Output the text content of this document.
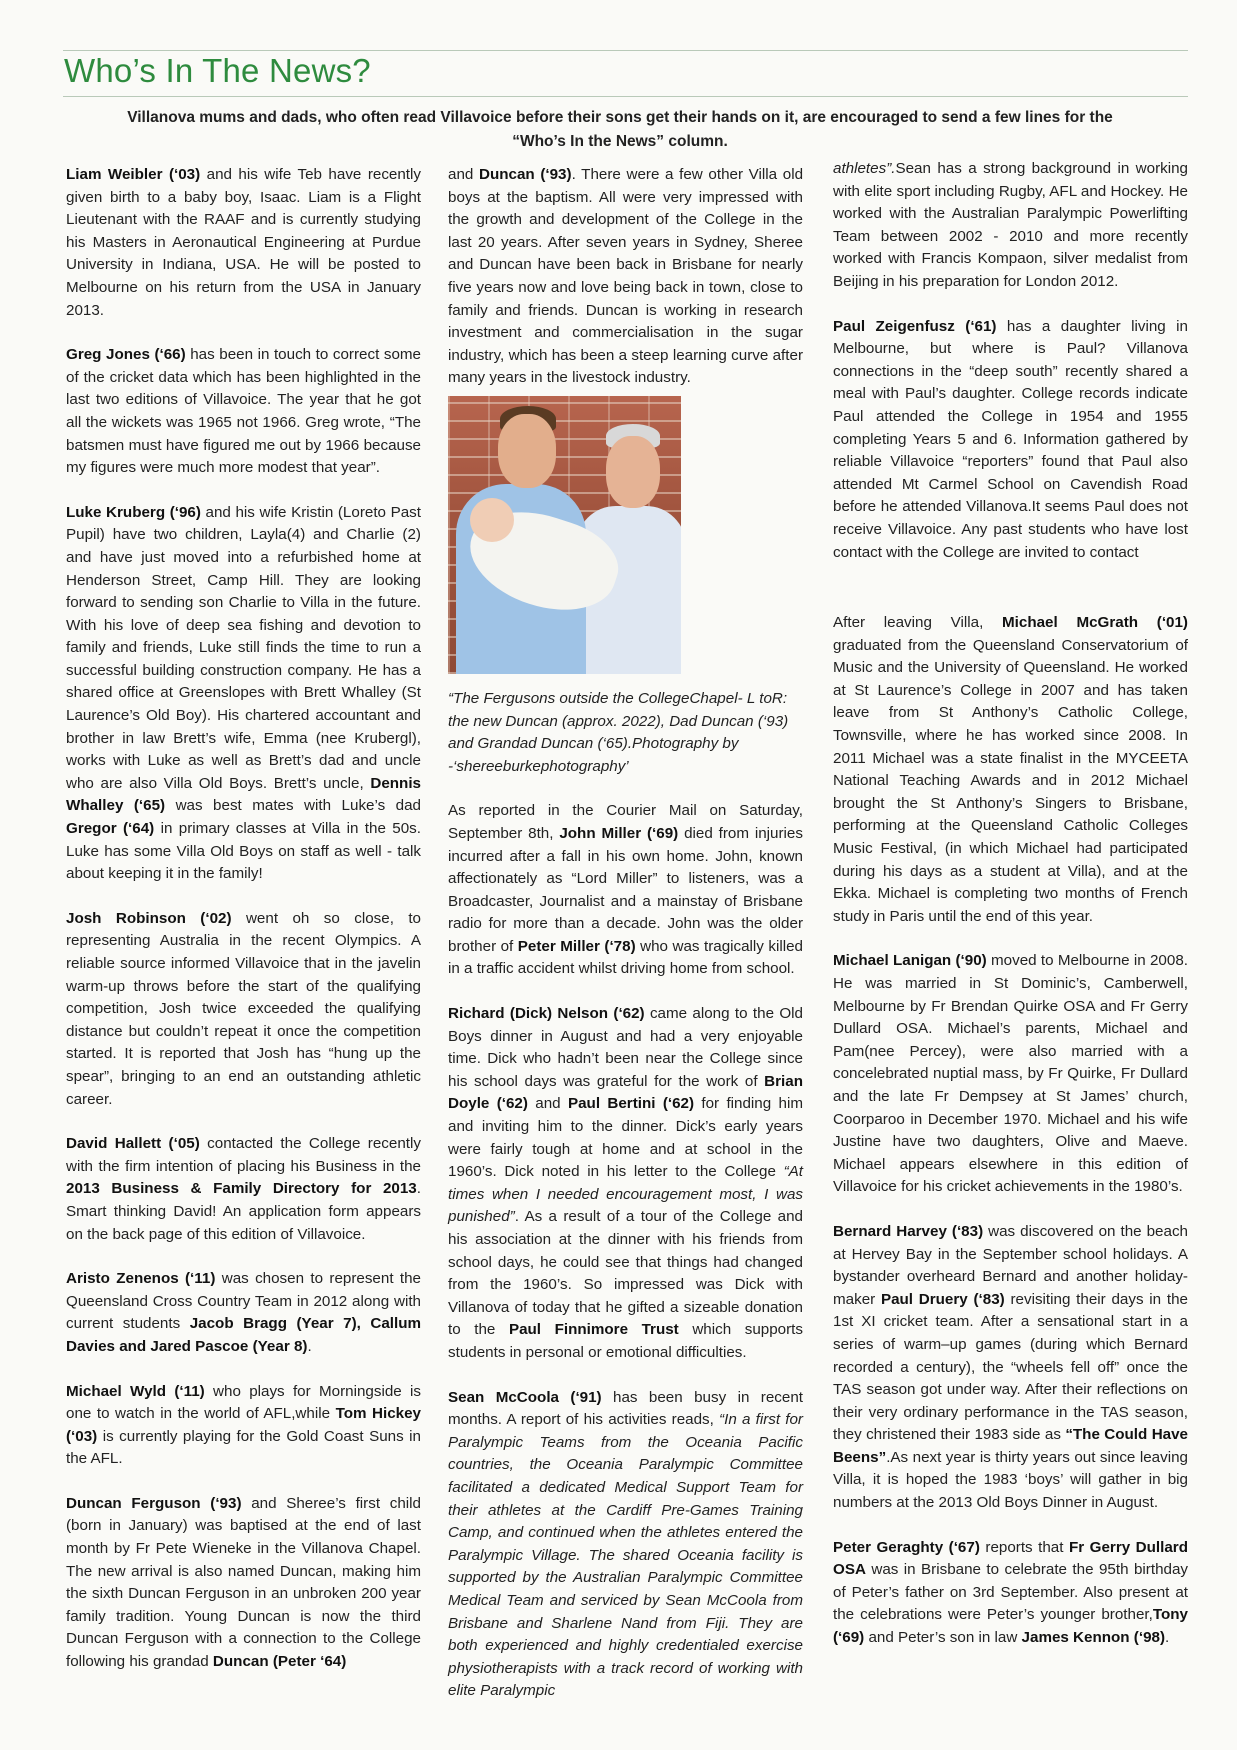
Who’s In The News?
Villanova mums and dads, who often read Villavoice before their sons get their hands on it, are encouraged to send a few lines for the “Who’s In the News” column.

Liam Weibler (‘03) and his wife Teb have recently given birth to a baby boy, Isaac. Liam is a Flight Lieutenant with the RAAF and is currently studying his Masters in Aeronautical Engineering at Purdue University in Indiana, USA. He will be posted to Melbourne on his return from the USA in January 2013.

Greg Jones (‘66) has been in touch to correct some of the cricket data which has been highlighted in the last two editions of Villavoice. The year that he got all the wickets was 1965 not 1966. Greg wrote, “The batsmen must have figured me out by 1966 because my figures were much more modest that year”.

Luke Kruberg (‘96) and his wife Kristin (Loreto Past Pupil) have two children, Layla(4) and Charlie (2) and have just moved into a refurbished home at Henderson Street, Camp Hill. They are looking forward to sending son Charlie to Villa in the future. With his love of deep sea fishing and devotion to family and friends, Luke still finds the time to run a successful building construction company. He has a shared office at Greenslopes with Brett Whalley (St Laurence’s Old Boy). His chartered accountant and brother in law Brett’s wife, Emma (nee Krubergl), works with Luke as well as Brett’s dad and uncle who are also Villa Old Boys. Brett’s uncle, Dennis Whalley (‘65) was best mates with Luke’s dad Gregor (‘64) in primary classes at Villa in the 50s. Luke has some Villa Old Boys on staff as well - talk about keeping it in the family!

Josh Robinson (‘02) went oh so close, to representing Australia in the recent Olympics. A reliable source informed Villavoice that in the javelin warm-up throws before the start of the qualifying competition, Josh twice exceeded the qualifying distance but couldn’t repeat it once the competition started. It is reported that Josh has “hung up the spear”, bringing to an end an outstanding athletic career.

David Hallett (‘05) contacted the College recently with the firm intention of placing his Business in the 2013 Business & Family Directory for 2013. Smart thinking David! An application form appears on the back page of this edition of Villavoice.

Aristo Zenenos (‘11) was chosen to represent the Queensland Cross Country Team in 2012 along with current students Jacob Bragg (Year 7), Callum Davies and Jared Pascoe (Year 8).

Michael Wyld (‘11) who plays for Morningside is one to watch in the world of AFL,while Tom Hickey (‘03) is currently playing for the Gold Coast Suns in the AFL.

Duncan Ferguson (‘93) and Sheree’s first child (born in January) was baptised at the end of last month by Fr Pete Wieneke in the Villanova Chapel. The new arrival is also named Duncan, making him the sixth Duncan Ferguson in an unbroken 200 year family tradition. Young Duncan is now the third Duncan Ferguson with a connection to the College following his grandad Duncan (Peter ‘64)

and Duncan (‘93). There were a few other Villa old boys at the baptism. All were very impressed with the growth and development of the College in the last 20 years. After seven years in Sydney, Sheree and Duncan have been back in Brisbane for nearly five years now and love being back in town, close to family and friends. Duncan is working in research investment and commercialisation in the sugar industry, which has been a steep learning curve after many years in the livestock industry.

“The Fergusons outside the CollegeChapel- L toR: the new Duncan (approx. 2022), Dad Duncan (‘93) and Grandad Duncan (‘65).Photography by -‘shereeburkephotography’

As reported in the Courier Mail on Saturday, September 8th, John Miller (‘69) died from injuries incurred after a fall in his own home. John, known affectionately as “Lord Miller” to listeners, was a Broadcaster, Journalist and a mainstay of Brisbane radio for more than a decade. John was the older brother of Peter Miller (‘78) who was tragically killed in a traffic accident whilst driving home from school.

Richard (Dick) Nelson (‘62) came along to the Old Boys dinner in August and had a very enjoyable time. Dick who hadn’t been near the College since his school days was grateful for the work of Brian Doyle (‘62) and Paul Bertini (‘62) for finding him and inviting him to the dinner. Dick’s early years were fairly tough at home and at school in the 1960’s. Dick noted in his letter to the College “At times when I needed encouragement most, I was punished”. As a result of a tour of the College and his association at the dinner with his friends from school days, he could see that things had changed from the 1960’s. So impressed was Dick with Villanova of today that he gifted a sizeable donation to the Paul Finnimore Trust which supports students in personal or emotional difficulties.

Sean McCoola (‘91) has been busy in recent months. A report of his activities reads, “In a first for Paralympic Teams from the Oceania Pacific countries, the Oceania Paralympic Committee facilitated a dedicated Medical Support Team for their athletes at the Cardiff Pre-Games Training Camp, and continued when the athletes entered the Paralympic Village. The shared Oceania facility is supported by the Australian Paralympic Committee Medical Team and serviced by Sean McCoola from Brisbane and Sharlene Nand from Fiji. They are both experienced and highly credentialed exercise physiotherapists with a track record of working with elite Paralympic

athletes”.Sean has a strong background in working with elite sport including Rugby, AFL and Hockey. He worked with the Australian Paralympic Powerlifting Team between 2002 - 2010 and more recently worked with Francis Kompaon, silver medalist from Beijing in his preparation for London 2012.

Paul Zeigenfusz (‘61) has a daughter living in Melbourne, but where is Paul? Villanova connections in the “deep south” recently shared a meal with Paul’s daughter. College records indicate Paul attended the College in 1954 and 1955 completing Years 5 and 6. Information gathered by reliable Villavoice “reporters” found that Paul also attended Mt Carmel School on Cavendish Road before he attended Villanova.It seems Paul does not receive Villavoice. Any past students who have lost contact with the College are invited to contact

After leaving Villa, Michael McGrath (‘01) graduated from the Queensland Conservatorium of Music and the University of Queensland. He worked at St Laurence’s College in 2007 and has taken leave from St Anthony’s Catholic College, Townsville, where he has worked since 2008. In 2011 Michael was a state finalist in the MYCEETA National Teaching Awards and in 2012 Michael brought the St Anthony’s Singers to Brisbane, performing at the Queensland Catholic Colleges Music Festival, (in which Michael had participated during his days as a student at Villa), and at the Ekka. Michael is completing two months of French study in Paris until the end of this year.

Michael Lanigan (‘90) moved to Melbourne in 2008. He was married in St Dominic’s, Camberwell, Melbourne by Fr Brendan Quirke OSA and Fr Gerry Dullard OSA. Michael’s parents, Michael and Pam(nee Percey), were also married with a concelebrated nuptial mass, by Fr Quirke, Fr Dullard and the late Fr Dempsey at St James’ church, Coorparoo in December 1970. Michael and his wife Justine have two daughters, Olive and Maeve. Michael appears elsewhere in this edition of Villavoice for his cricket achievements in the 1980’s.

Bernard Harvey (‘83) was discovered on the beach at Hervey Bay in the September school holidays. A bystander overheard Bernard and another holiday-maker Paul Druery (‘83) revisiting their days in the 1st XI cricket team. After a sensational start in a series of warm–up games (during which Bernard recorded a century), the “wheels fell off” once the TAS season got under way. After their reflections on their very ordinary performance in the TAS season, they christened their 1983 side as “The Could Have Beens”.As next year is thirty years out since leaving Villa, it is hoped the 1983 ‘boys’ will gather in big numbers at the 2013 Old Boys Dinner in August.

Peter Geraghty (‘67) reports that Fr Gerry Dullard OSA was in Brisbane to celebrate the 95th birthday of Peter’s father on 3rd September. Also present at the celebrations were Peter’s younger brother,Tony (‘69) and Peter’s son in law James Kennon (‘98).
